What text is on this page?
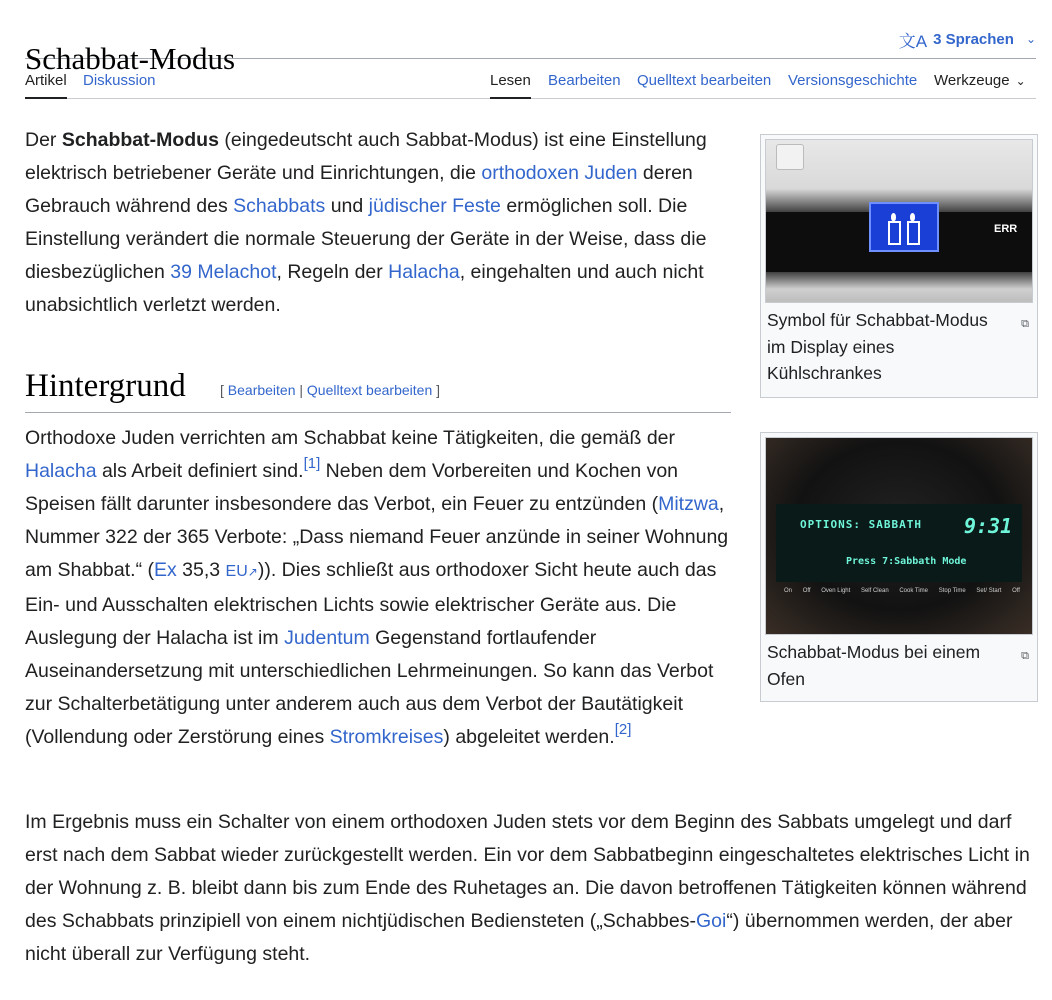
Schabbat-Modus	文A 3 Sprachen ⌄
Artikel Diskussion	Lesen Bearbeiten Quelltext bearbeiten Versionsgeschichte Werkzeuge ⌄

Der Schabbat-Modus (eingedeutscht auch Sabbat-Modus) ist eine Einstellung elektrisch betriebener Geräte und Einrichtungen, die orthodoxen Juden deren Gebrauch während des Schabbats und jüdischer Feste ermöglichen soll. Die Einstellung verändert die normale Steuerung der Geräte in der Weise, dass die diesbezüglichen 39 Melachot, Regeln der Halacha, eingehalten und auch nicht unabsichtlich verletzt werden.

Hintergrund [ Bearbeiten | Quelltext bearbeiten ]

Orthodoxe Juden verrichten am Schabbat keine Tätigkeiten, die gemäß der Halacha als Arbeit definiert sind.[1] Neben dem Vorbereiten und Kochen von Speisen fällt darunter insbesondere das Verbot, ein Feuer zu entzünden (Mitzwa, Nummer 322 der 365 Verbote: „Dass niemand Feuer anzünde in seiner Wohnung am Shabbat.“ (Ex 35,3 EU↗)). Dies schließt aus orthodoxer Sicht heute auch das Ein- und Ausschalten elektrischen Lichts sowie elektrischer Geräte aus. Die Auslegung der Halacha ist im Judentum Gegenstand fortlaufender Auseinandersetzung mit unterschiedlichen Lehrmeinungen. So kann das Verbot zur Schalterbetätigung unter anderem auch aus dem Verbot der Bautätigkeit (Vollendung oder Zerstörung eines Stromkreises) abgeleitet werden.[2]

Im Ergebnis muss ein Schalter von einem orthodoxen Juden stets vor dem Beginn des Sabbats umgelegt und darf erst nach dem Sabbat wieder zurückgestellt werden. Ein vor dem Sabbatbeginn eingeschaltetes elektrisches Licht in der Wohnung z. B. bleibt dann bis zum Ende des Ruhetages an. Die davon betroffenen Tätigkeiten können während des Schabbats prinzipiell von einem nichtjüdischen Bediensteten („Schabbes-Goi“) übernommen werden, der aber nicht überall zur Verfügung steht.

ERR
Symbol für Schabbat-Modus im Display eines Kühlschrankes
⧉
OPTIONS: SABBATH 9:31
Press 7:Sabbath Mode
On Off Oven Light Self Clean Cook Time Stop Time Set/ Start Off
Schabbat-Modus bei einem Ofen
⧉
